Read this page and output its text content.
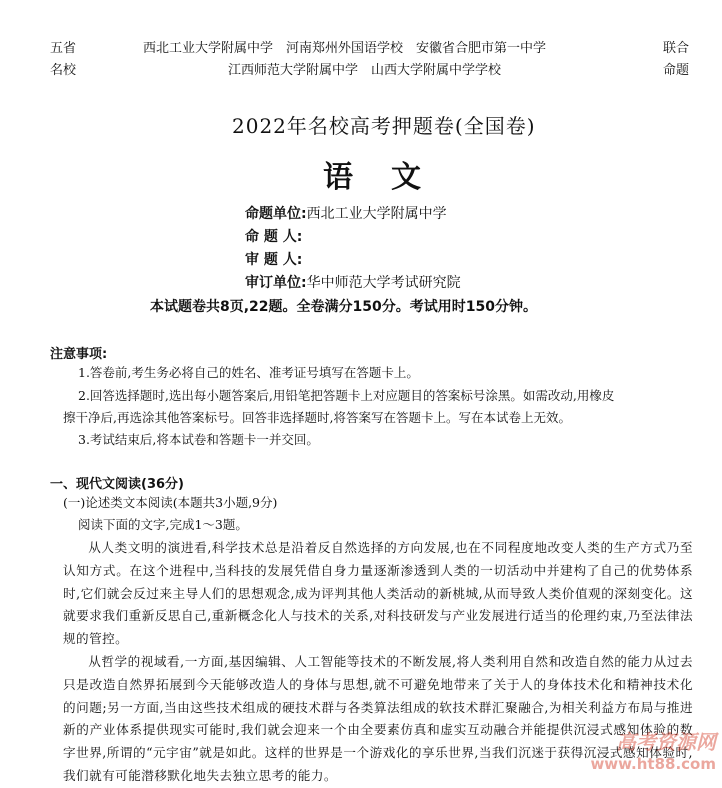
五省
名校
西北工业大学附属中学　河南郑州外国语学校　安徽省合肥市第一中学
江西师范大学附属中学　山西大学附属中学学校
联合
命题
2022年名校高考押题卷(全国卷)
语文
命题单位:西北工业大学附属中学
命 题 人:
审 题 人:
审订单位:华中师范大学考试研究院
本试题卷共8页,22题。全卷满分150分。考试用时150分钟。
注意事项:
1.答卷前,考生务必将自己的姓名、准考证号填写在答题卡上。
2.回答选择题时,选出每小题答案后,用铅笔把答题卡上对应题目的答案标号涂黑。如需改动,用橡皮
擦干净后,再选涂其他答案标号。回答非选择题时,将答案写在答题卡上。写在本试卷上无效。
3.考试结束后,将本试卷和答题卡一并交回。
一、现代文阅读(36分)
(一)论述类文本阅读(本题共3小题,9分)
阅读下面的文字,完成1～3题。

从人类文明的演进看,科学技术总是沿着反自然选择的方向发展,也在不同程度地改变人类的生产方式乃至认知方式。在这个进程中,当科技的发展凭借自身力量逐渐渗透到人类的一切活动中并建构了自己的优势体系时,它们就会反过来主导人们的思想观念,成为评判其他人类活动的新桃城,从而导致人类价值观的深刻变化。这就要求我们重新反思自己,重新概念化人与技术的关系,对科技研发与产业发展进行适当的伦理约束,乃至法律法规的管控。

从哲学的视域看,一方面,基因编辑、人工智能等技术的不断发展,将人类利用自然和改造自然的能力从过去只是改造自然界拓展到今天能够改造人的身体与思想,就不可避免地带来了关于人的身体技术化和精神技术化的问题;另一方面,当由这些技术组成的硬技术群与各类算法组成的软技术群汇聚融合,为相关利益方布局与推进新的产业体系提供现实可能时,我们就会迎来一个由全要素仿真和虚实互动融合并能提供沉浸式感知体验的数字世界,所谓的“元宇宙”就是如此。这样的世界是一个游戏化的享乐世界,当我们沉迷于获得沉浸式感知体验时,我们就有可能潜移默化地失去独立思考的能力。

高考资源网
www.ht88.com
